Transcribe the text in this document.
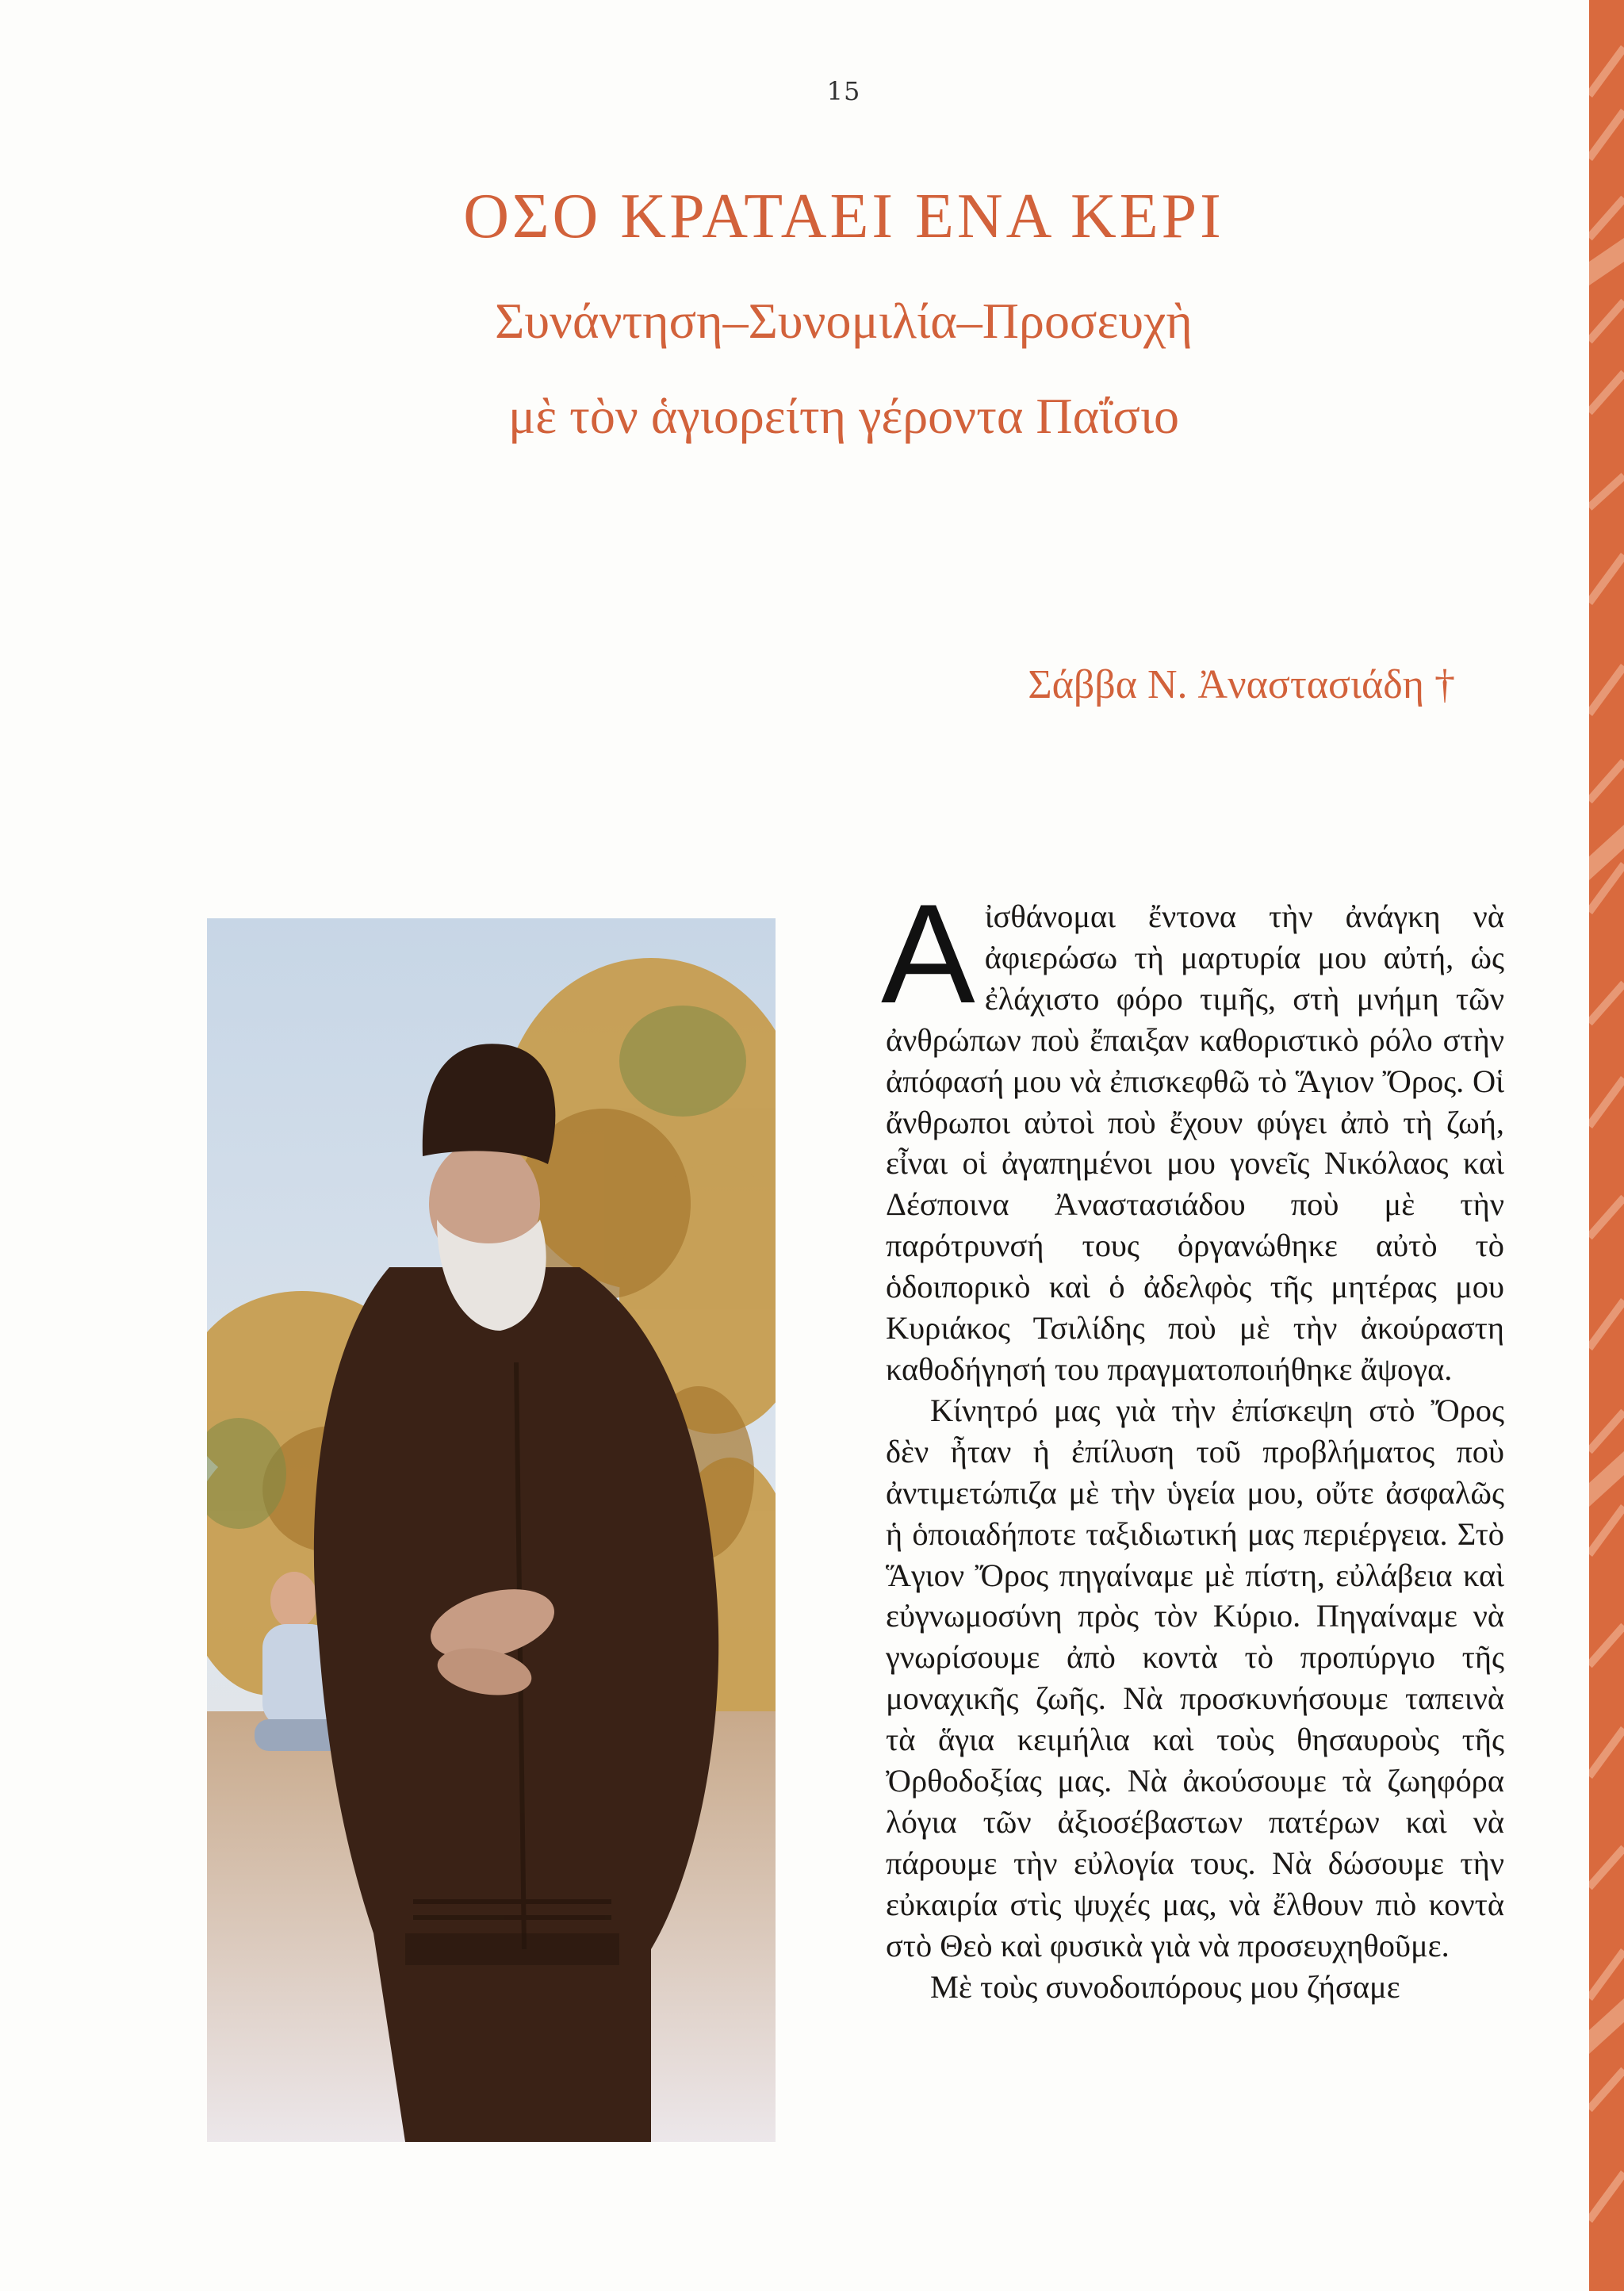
15
ΟΣΟ ΚΡΑΤΑΕΙ ΕΝΑ ΚΕΡΙ
Συνάντηση–Συνομιλία–Προσευχὴ
μὲ τὸν ἁγιορείτη γέροντα Παΐσιο
Σάββα Ν. Ἀναστασιάδη †

Αἰσθάνομαι ἔντονα τὴν ἀνάγκη νὰ ἀφιερώσω τὴ μαρτυρία μου αὐτή, ὡς ἐλάχιστο φόρο τιμῆς, στὴ μνήμη τῶν ἀνθρώπων ποὺ ἔπαιξαν καθοριστικὸ ρόλο στὴν ἀπόφασή μου νὰ ἐπισκεφθῶ τὸ Ἅγιον Ὄρος. Οἱ ἄνθρωποι αὐτοὶ ποὺ ἔχουν φύγει ἀπὸ τὴ ζωή, εἶναι οἱ ἀγαπημένοι μου γονεῖς Νικόλαος καὶ Δέσποινα Ἀναστασιάδου ποὺ μὲ τὴν παρότρυνσή τους ὀργανώθηκε αὐτὸ τὸ ὁδοιπορικὸ καὶ ὁ ἀδελφὸς τῆς μητέρας μου Κυριάκος Τσιλίδης ποὺ μὲ τὴν ἀκούραστη καθοδήγησή του πραγματοποιήθηκε ἄψογα.

Κίνητρό μας γιὰ τὴν ἐπίσκεψη στὸ Ὄρος δὲν ἦταν ἡ ἐπίλυση τοῦ προβλήματος ποὺ ἀντιμετώπιζα μὲ τὴν ὑγεία μου, οὔτε ἀσφαλῶς ἡ ὁποιαδήποτε ταξιδιωτική μας περιέργεια. Στὸ Ἅγιον Ὄρος πηγαίναμε μὲ πίστη, εὐλάβεια καὶ εὐγνωμοσύνη πρὸς τὸν Κύριο. Πηγαίναμε νὰ γνωρίσουμε ἀπὸ κοντὰ τὸ προπύργιο τῆς μοναχικῆς ζωῆς. Νὰ προσκυνήσουμε ταπεινὰ τὰ ἅγια κειμήλια καὶ τοὺς θησαυροὺς τῆς Ὀρθοδοξίας μας. Νὰ ἀκούσουμε τὰ ζωηφόρα λόγια τῶν ἀξιοσέβαστων πατέρων καὶ νὰ πάρουμε τὴν εὐλογία τους. Νὰ δώσουμε τὴν εὐκαιρία στὶς ψυχές μας, νὰ ἔλθουν πιὸ κοντὰ στὸ Θεὸ καὶ φυσικὰ γιὰ νὰ προσευχηθοῦμε.

Μὲ τοὺς συνοδοιπόρους μου ζήσαμε
